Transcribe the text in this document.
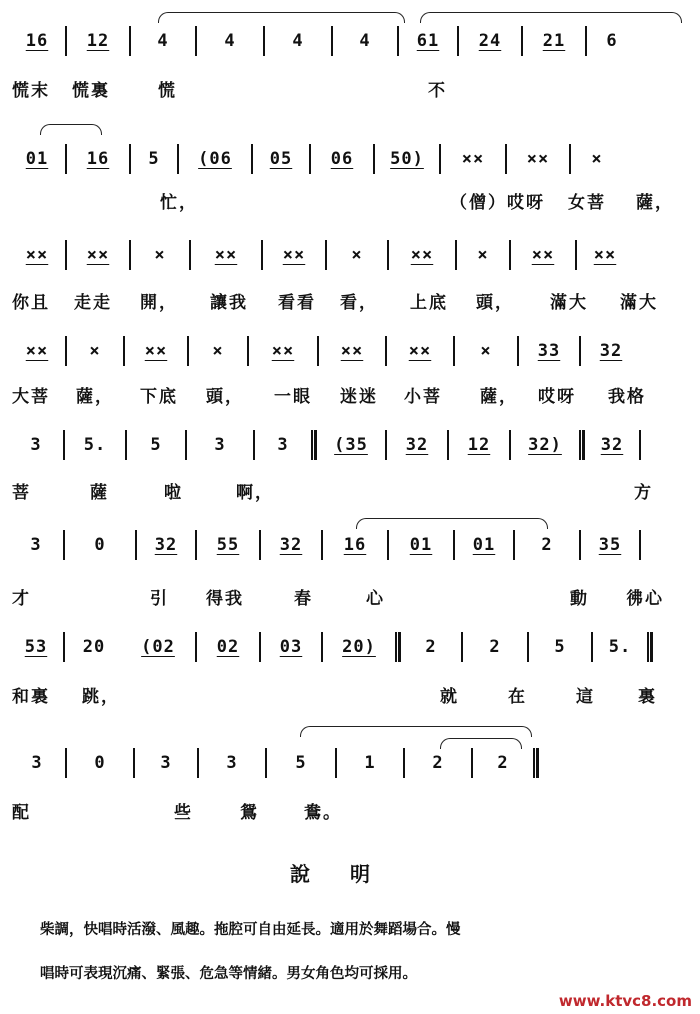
16	12	4	4	4	4	61	24	21	6
慌末 慌裏	慌	不
01	16	5	(06	05	06	50)	××	××	×
忙，	（僧）哎呀 女菩 薩，
××	××	×	××	××	×	××	×	××	××
你且 走走 開， 讓我 看看 看， 上底 頭， 滿大 滿大
××	×	××	×	××	××	××	×	33	32
大菩 薩， 下底 頭， 一眼 迷迷 小菩 薩， 哎呀 我格
3	5.	5	3	3	(35	32	12	32)	32
菩	薩	啦	啊，	方
3	0	32	55	32	16	01	01	2	35
才	引 得我	春	心	動 彿心
53	20	(02	02	03	20)	2	2	5	5.
和裏 跳，	就	在	這	裏
3	0	3	3	5	1	2	2
配	些	鴛	鴦。
說明
柴調，快唱時活潑、風趣。拖腔可自由延長。適用於舞蹈場合。慢
唱時可表現沉痛、緊張、危急等情緒。男女角色均可採用。
www.ktvc8.com
